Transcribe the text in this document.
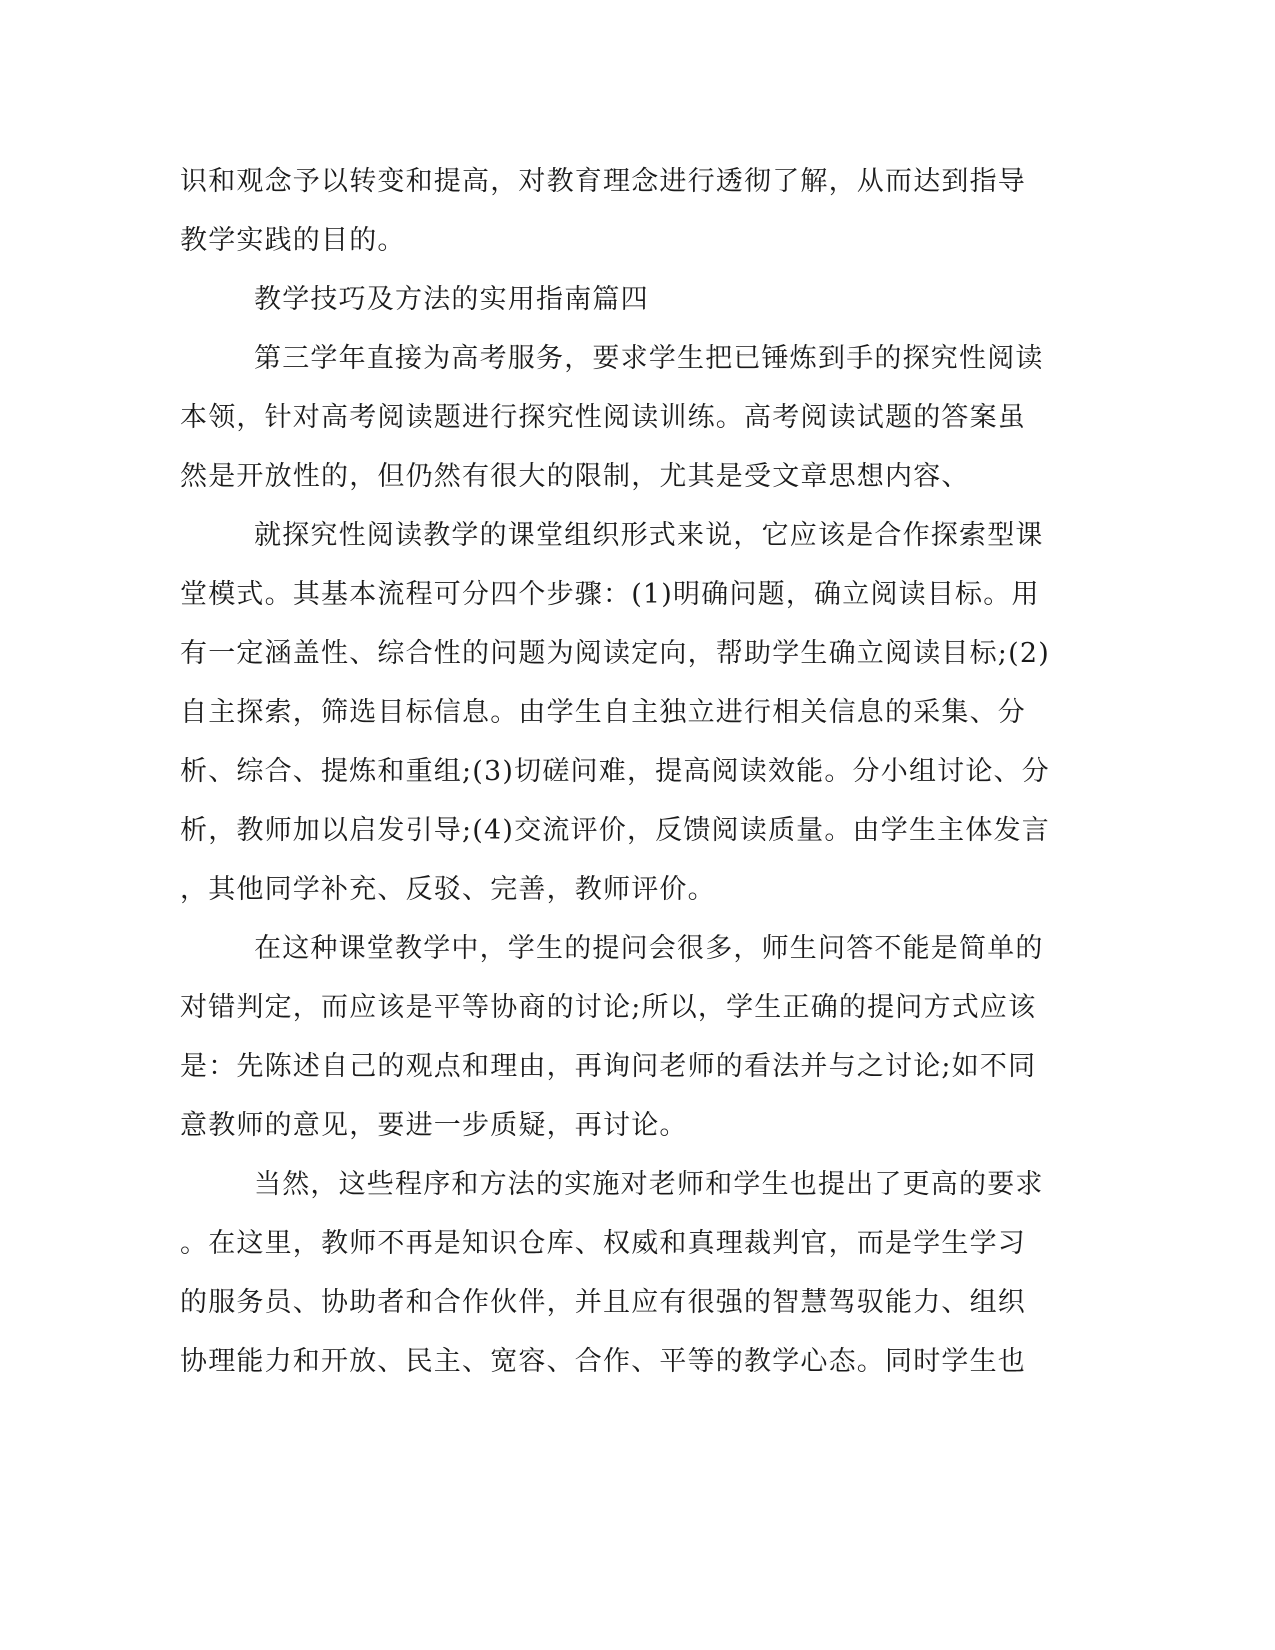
识和观念予以转变和提高，对教育理念进行透彻了解，从而达到指导
教学实践的目的。
教学技巧及方法的实用指南篇四
第三学年直接为高考服务，要求学生把已锤炼到手的探究性阅读
本领，针对高考阅读题进行探究性阅读训练。高考阅读试题的答案虽
然是开放性的，但仍然有很大的限制，尤其是受文章思想内容、
就探究性阅读教学的课堂组织形式来说，它应该是合作探索型课
堂模式。其基本流程可分四个步骤：(1)明确问题，确立阅读目标。用
有一定涵盖性、综合性的问题为阅读定向，帮助学生确立阅读目标;(2)
自主探索，筛选目标信息。由学生自主独立进行相关信息的采集、分
析、综合、提炼和重组;(3)切磋问难，提高阅读效能。分小组讨论、分
析，教师加以启发引导;(4)交流评价，反馈阅读质量。由学生主体发言
，其他同学补充、反驳、完善，教师评价。
在这种课堂教学中，学生的提问会很多，师生问答不能是简单的
对错判定，而应该是平等协商的讨论;所以，学生正确的提问方式应该
是：先陈述自己的观点和理由，再询问老师的看法并与之讨论;如不同
意教师的意见，要进一步质疑，再讨论。
当然，这些程序和方法的实施对老师和学生也提出了更高的要求
。在这里，教师不再是知识仓库、权威和真理裁判官，而是学生学习
的服务员、协助者和合作伙伴，并且应有很强的智慧驾驭能力、组织
协理能力和开放、民主、宽容、合作、平等的教学心态。同时学生也
